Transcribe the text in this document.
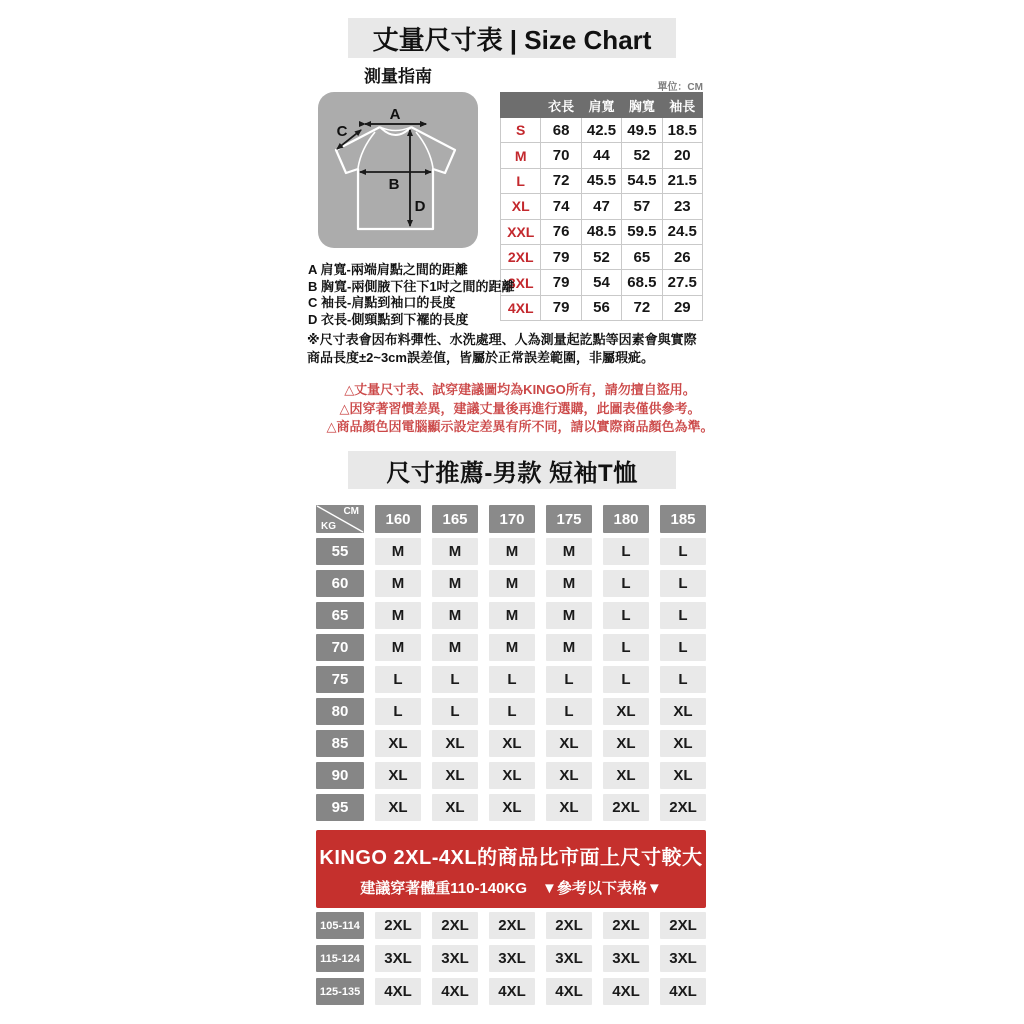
丈量尺寸表 | Size Chart
測量指南
單位：CM
A
B
C
D
	衣長	肩寬	胸寬	袖長
S	68	42.5	49.5	18.5
M	70	44	52	20
L	72	45.5	54.5	21.5
XL	74	47	57	23
XXL	76	48.5	59.5	24.5
2XL	79	52	65	26
3XL	79	54	68.5	27.5
4XL	79	56	72	29
A 肩寬-兩端肩點之間的距離
B 胸寬-兩側腋下往下1吋之間的距離
C 袖長-肩點到袖口的長度
D 衣長-側頸點到下襬的長度
※尺寸表會因布料彈性、水洗處理、人為測量起訖點等因素會與實際商品長度±2~3cm誤差值，皆屬於正常誤差範圍，非屬瑕疵。
△丈量尺寸表、試穿建議圖均為KINGO所有，請勿擅自盜用。
△因穿著習慣差異，建議丈量後再進行選購，此圖表僅供參考。
△商品顏色因電腦顯示設定差異有所不同，請以實際商品顏色為準。
尺寸推薦-男款 短袖T恤
CM
KG	160	165	170	175	180	185
55	M	M	M	M	L	L
60	M	M	M	M	L	L
65	M	M	M	M	L	L
70	M	M	M	M	L	L
75	L	L	L	L	L	L
80	L	L	L	L	XL	XL
85	XL	XL	XL	XL	XL	XL
90	XL	XL	XL	XL	XL	XL
95	XL	XL	XL	XL	2XL	2XL
KINGO 2XL-4XL的商品比市面上尺寸較大
建議穿著體重110-140KG　▼參考以下表格▼
105-114	2XL	2XL	2XL	2XL	2XL	2XL
115-124	3XL	3XL	3XL	3XL	3XL	3XL
125-135	4XL	4XL	4XL	4XL	4XL	4XL
